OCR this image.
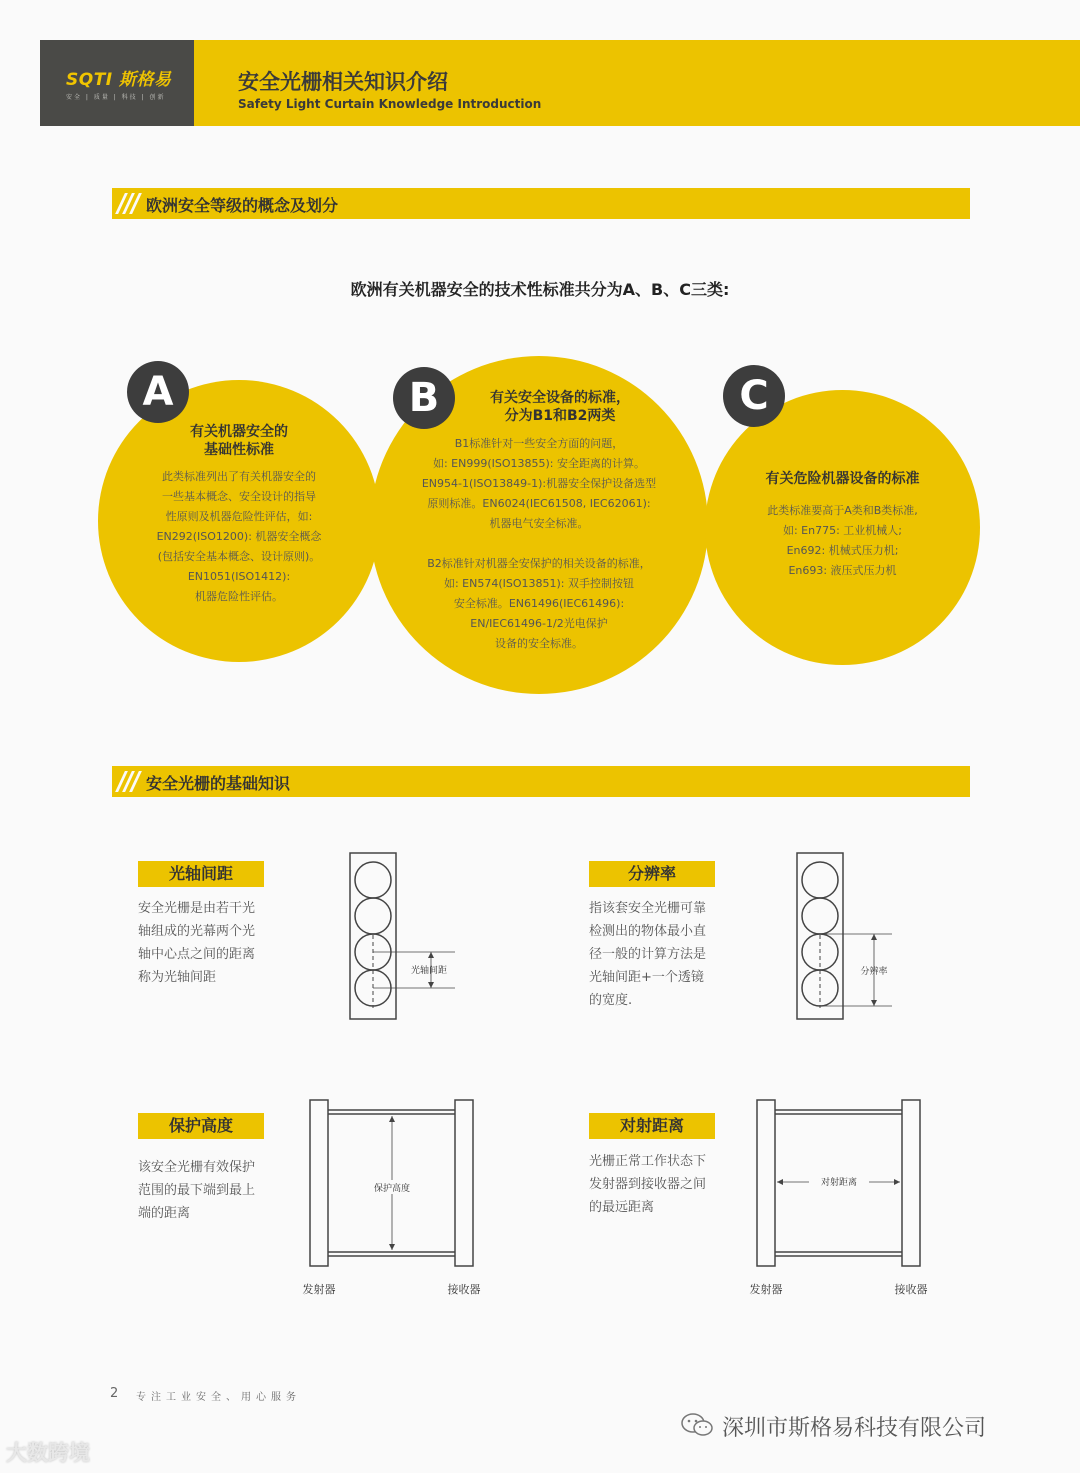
SQTI 斯格易
安全 | 质量 | 科技 | 创新
安全光栅相关知识介绍
Safety Light Curtain Knowledge Introduction
欧洲安全等级的概念及划分
欧洲有关机器安全的技术性标准共分为A、B、C三类:
A
有关机器安全的
基础性标准
此类标准列出了有关机器安全的
一些基本概念、安全设计的指导
性原则及机器危险性评估，如:
EN292(ISO1200): 机器安全概念
(包括安全基本概念、设计原则)。
EN1051(ISO1412):
机器危险性评估。
B	有关安全设备的标准，
分为B1和B2两类
B1标准针对一些安全方面的问题，
如: EN999(ISO13855): 安全距离的计算。
EN954-1(ISO13849-1):机器安全保护设备选型
原则标准。EN6024(IEC61508, IEC62061):
机器电气安全标准。
B2标准针对机器全安保护的相关设备的标准，
如: EN574(ISO13851): 双手控制按钮
安全标准。EN61496(IEC61496):
EN/IEC61496-1/2光电保护
设备的安全标准。
C
有关危险机器设备的标准
此类标准要高于A类和B类标准,
如: En775: 工业机械人;
En692: 机械式压力机;
En693: 液压式压力机
安全光栅的基础知识
光轴间距
安全光栅是由若干光
轴组成的光幕两个光
轴中心点之间的距离
称为光轴间距	光轴间距
分辨率
指该套安全光栅可靠
检测出的物体最小直
径一般的计算方法是
光轴间距+一个透镜
的宽度.
分辨率
保护高度
该安全光栅有效保护
范围的最下端到最上
端的距离
保护高度
发射器	接收器
对射距离
光栅正常工作状态下
发射器到接收器之间
的最远距离
对射距离
发射器	接收器
2 专注工业安全、用心服务
深圳市斯格易科技有限公司
大数跨境
